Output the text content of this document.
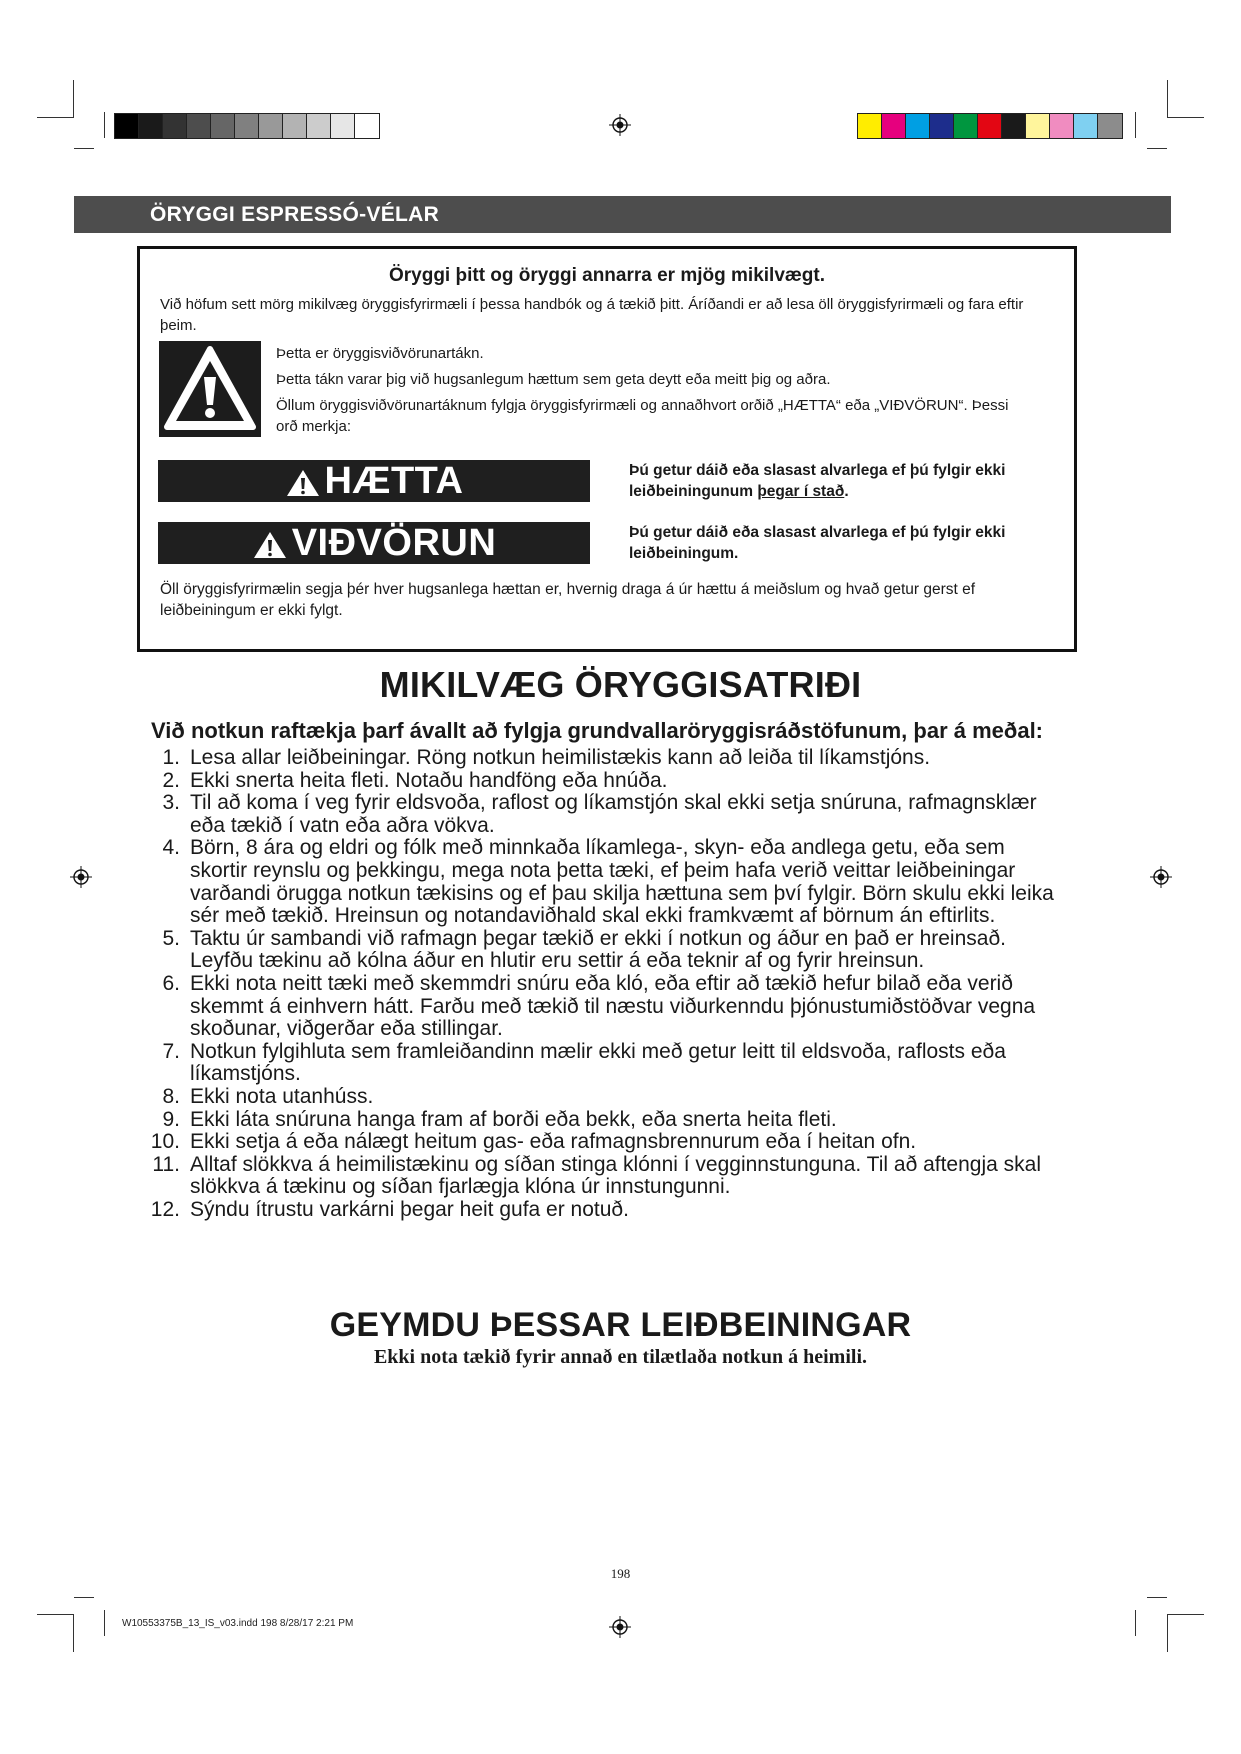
ÖRYGGI ESPRESSÓ-VÉLAR
Öryggi þitt og öryggi annarra er mjög mikilvægt.
Við höfum sett mörg mikilvæg öryggisfyrirmæli í þessa handbók og á tækið þitt. Áríðandi er að lesa öll öryggisfyrirmæli og fara eftir þeim.
Þetta er öryggisviðvörunartákn.
Þetta tákn varar þig við hugsanlegum hættum sem geta deytt eða meitt þig og aðra.
Öllum öryggisviðvörunartáknum fylgja öryggisfyrirmæli og annaðhvort orðið „HÆTTA“ eða „VIÐVÖRUN“. Þessi orð merkja:
HÆTTA	Þú getur dáið eða slasast alvarlega ef þú fylgir ekki leiðbeiningunum þegar í stað.
VIÐVÖRUN	Þú getur dáið eða slasast alvarlega ef þú fylgir ekki leiðbeiningum.
Öll öryggisfyrirmælin segja þér hver hugsanlega hættan er, hvernig draga á úr hættu á meiðslum og hvað getur gerst ef leiðbeiningum er ekki fylgt.
MIKILVÆG ÖRYGGISATRIÐI
Við notkun raftækja þarf ávallt að fylgja grundvallaröryggisráðstöfunum, þar á meðal:
1. Lesa allar leiðbeiningar. Röng notkun heimilistækis kann að leiða til líkamstjóns.
2. Ekki snerta heita fleti. Notaðu handföng eða hnúða.
3. Til að koma í veg fyrir eldsvoða, raflost og líkamstjón skal ekki setja snúruna, rafmagnsklær eða tækið í vatn eða aðra vökva.
4. Börn, 8 ára og eldri og fólk með minnkaða líkamlega-, skyn- eða andlega getu, eða sem skortir reynslu og þekkingu, mega nota þetta tæki, ef þeim hafa verið veittar leiðbeiningar varðandi örugga notkun tækisins og ef þau skilja hættuna sem því fylgir. Börn skulu ekki leika sér með tækið. Hreinsun og notandaviðhald skal ekki framkvæmt af börnum án eftirlits.
5. Taktu úr sambandi við rafmagn þegar tækið er ekki í notkun og áður en það er hreinsað. Leyfðu tækinu að kólna áður en hlutir eru settir á eða teknir af og fyrir hreinsun.
6. Ekki nota neitt tæki með skemmdri snúru eða kló, eða eftir að tækið hefur bilað eða verið skemmt á einhvern hátt. Farðu með tækið til næstu viðurkenndu þjónustumiðstöðvar vegna skoðunar, viðgerðar eða stillingar.
7. Notkun fylgihluta sem framleiðandinn mælir ekki með getur leitt til eldsvoða, raflosts eða líkamstjóns.
8. Ekki nota utanhúss.
9. Ekki láta snúruna hanga fram af borði eða bekk, eða snerta heita fleti.
10. Ekki setja á eða nálægt heitum gas- eða rafmagnsbrennurum eða í heitan ofn.
11. Alltaf slökkva á heimilistækinu og síðan stinga klónni í vegginnstunguna. Til að aftengja skal slökkva á tækinu og síðan fjarlægja klóna úr innstungunni.
12. Sýndu ítrustu varkárni þegar heit gufa er notuð.
GEYMDU ÞESSAR LEIÐBEININGAR
Ekki nota tækið fyrir annað en tilætlaða notkun á heimili.
198
W10553375B_13_IS_v03.indd 198 8/28/17 2:21 PM
